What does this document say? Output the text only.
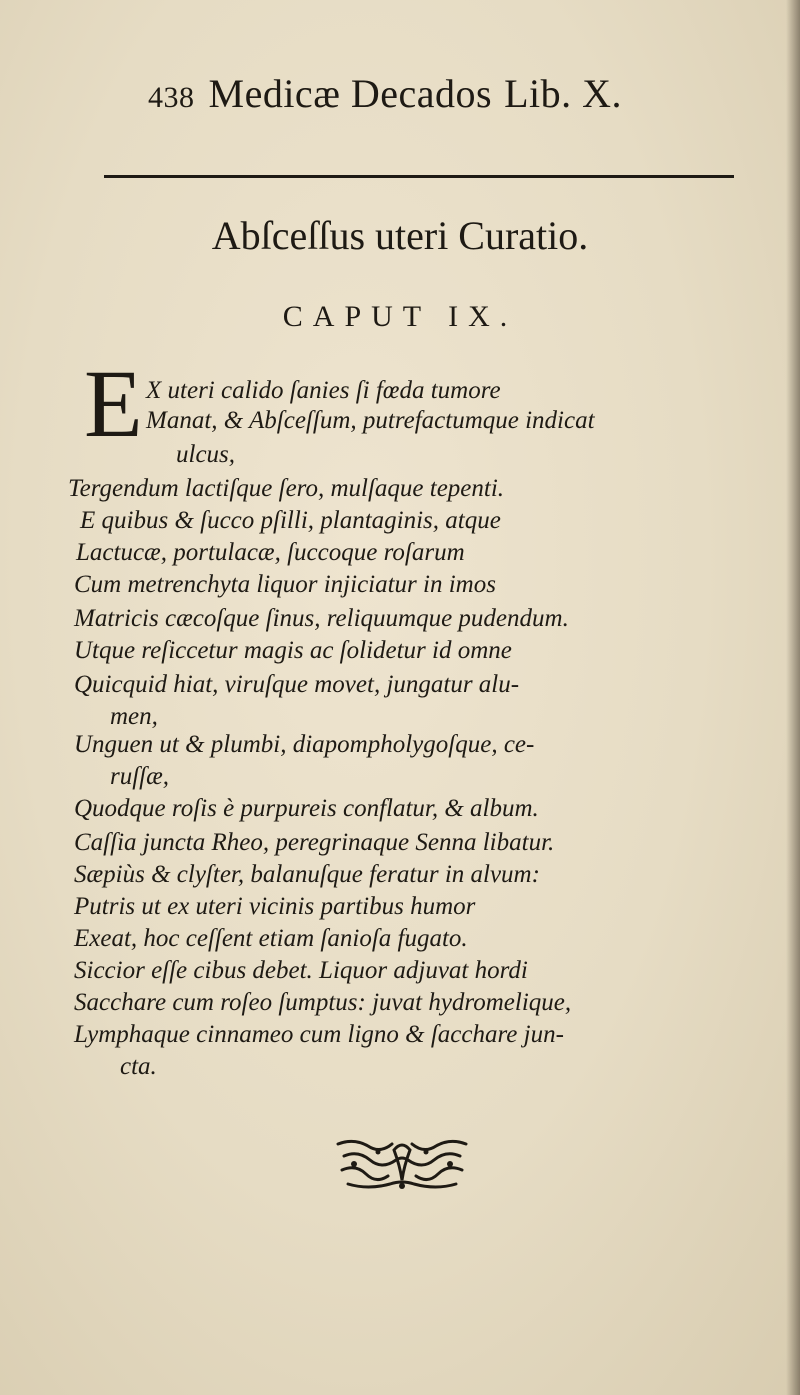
438 Medicæ Decados Lib. X.
Abſceſſus uteri Curatio.
CAPUT IX.
E X uteri calido ſanies ſi fœda tumore
Manat, & Abſceſſum, putrefactumque indicat
ulcus,
Tergendum lactiſque ſero, mulſaque tepenti.
E quibus & ſucco pſilli, plantaginis, atque
Lactucæ, portulacæ, ſuccoque roſarum
Cum metrenchyta liquor injiciatur in imos
Matricis cæcoſque ſinus, reliquumque pudendum.
Utque reſiccetur magis ac ſolidetur id omne
Quicquid hiat, viruſque movet, jungatur alu-
men,
Unguen ut & plumbi, diapompholygoſque, ce-
ruſſæ,
Quodque roſis è purpureis conflatur, & album.
Caſſia juncta Rheo, peregrinaque Senna libatur.
Sæpiùs & clyſter, balanuſque feratur in alvum:
Putris ut ex uteri vicinis partibus humor
Exeat, hoc ceſſent etiam ſanioſa fugato.
Siccior eſſe cibus debet. Liquor adjuvat hordi
Sacchare cum roſeo ſumptus: juvat hydromelique,
Lymphaque cinnameo cum ligno & ſacchare jun-
cta.
